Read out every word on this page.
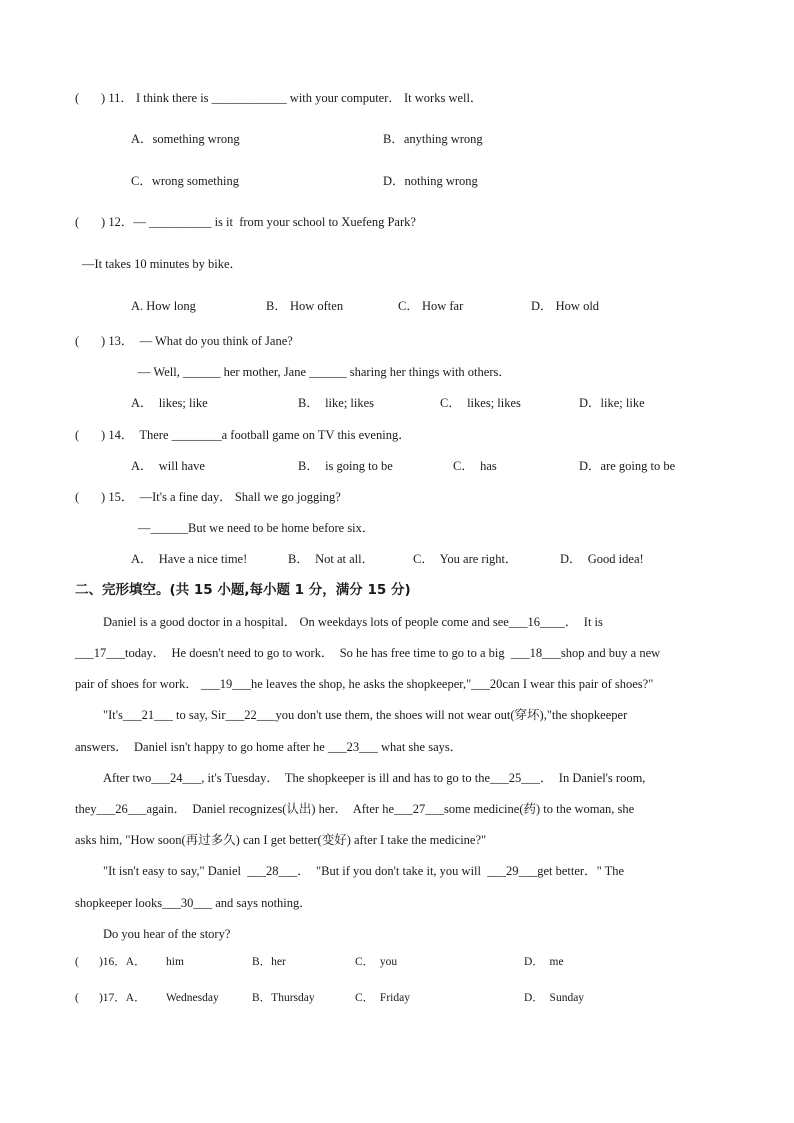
(       ) 11． I think there is ____________ with your computer． It works well．
A．something wrong	B．anything wrong
C．wrong something	D．nothing wrong
(       ) 12．— __________ is it  from your school to Xuefeng Park?
—It takes 10 minutes by bike．
A. How long	B． How often	C． How far	D． How old
(       ) 13．  — What do you think of Jane?
— Well, ______ her mother, Jane ______ sharing her things with others．
A．  likes; like	B．  like; likes	C．  likes; likes	D．like; like
(       ) 14．  There ________a football game on TV this evening．
A．  will have	B．  is going to be	C．  has	D．are going to be
(       ) 15．  —It's a fine day． Shall we go jogging?
—______But we need to be home before six．
A．  Have a nice time!	B．  Not at all．	C．  You are right．	D．  Good idea!
二、完形填空。(共 15 小题,每小题 1 分，满分 15 分)
Daniel is a good doctor in a hospital． On weekdays lots of people come and see___16____．  It is
___17___today．  He doesn't need to go to work．  So he has free time to go to a big  ___18___shop and buy a new
pair of shoes for work． ___19___he leaves the shop, he asks the shopkeeper,"___20can I wear this pair of shoes?"
"It's___21___ to say, Sir___22___you don't use them, the shoes will not wear out(穿坏),"the shopkeeper
answers．  Daniel isn't happy to go home after he ___23___ what she says．
After two___24___, it's Tuesday．  The shopkeeper is ill and has to go to the___25___．  In Daniel's room,
they___26___again．  Daniel recognizes(认出) her．  After he___27___some medicine(药) to the woman, she
asks him, "How soon(再过多久) can I get better(变好) after I take the medicine?"
"It isn't easy to say," Daniel  ___28___．  "But if you don't take it, you will  ___29___get better．" The
shopkeeper looks___30___ and says nothing．
Do you hear of the story?
(       )16．A． him	B．her	C．  you	D．  me
(       )17．A． Wednesday	B．Thursday	C．  Friday	D．  Sunday
